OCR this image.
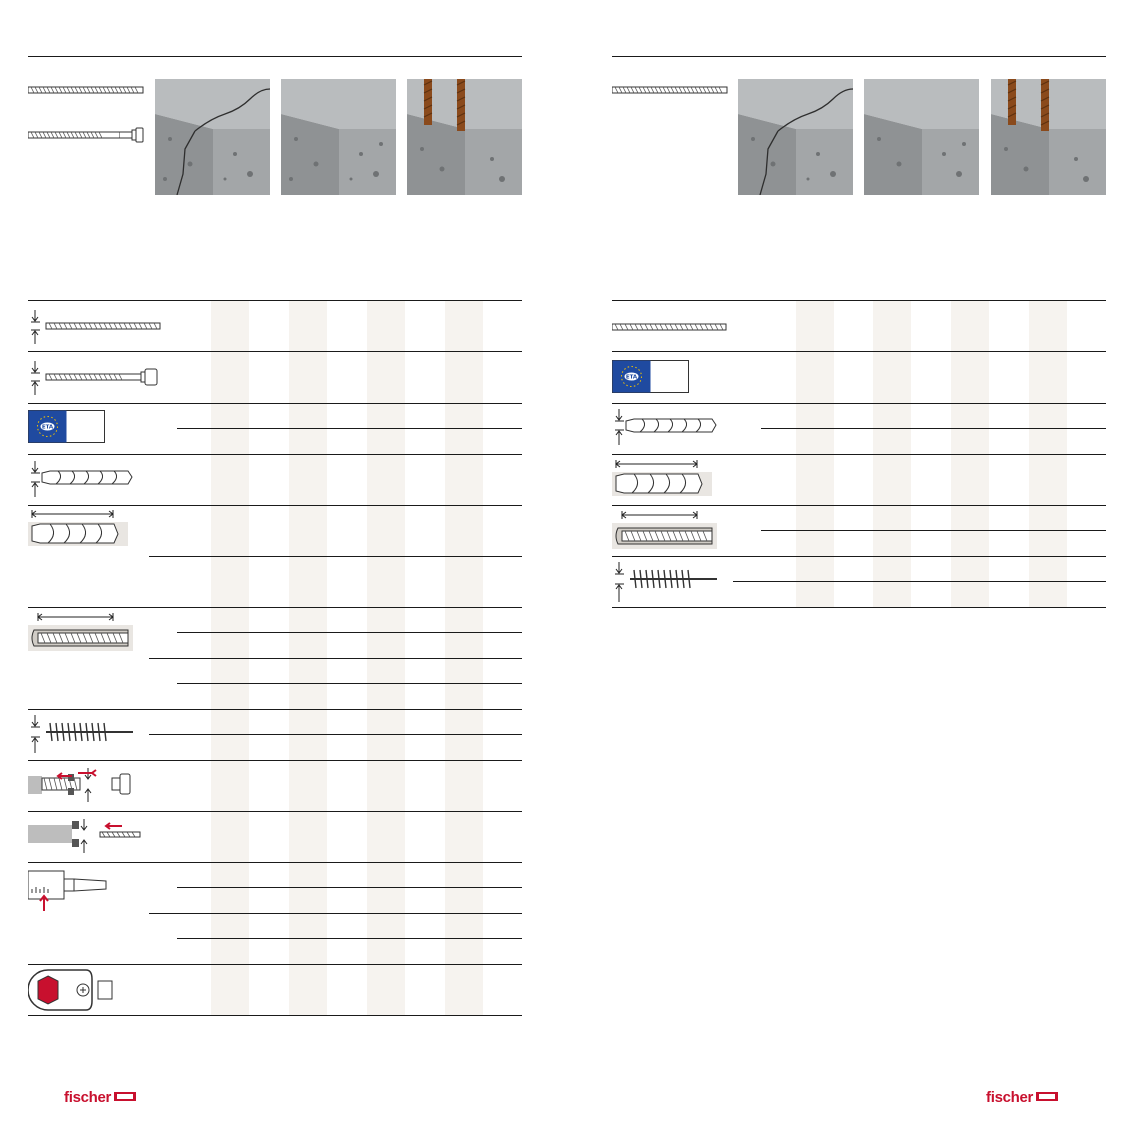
ETA
fischer
ETA
fischer
